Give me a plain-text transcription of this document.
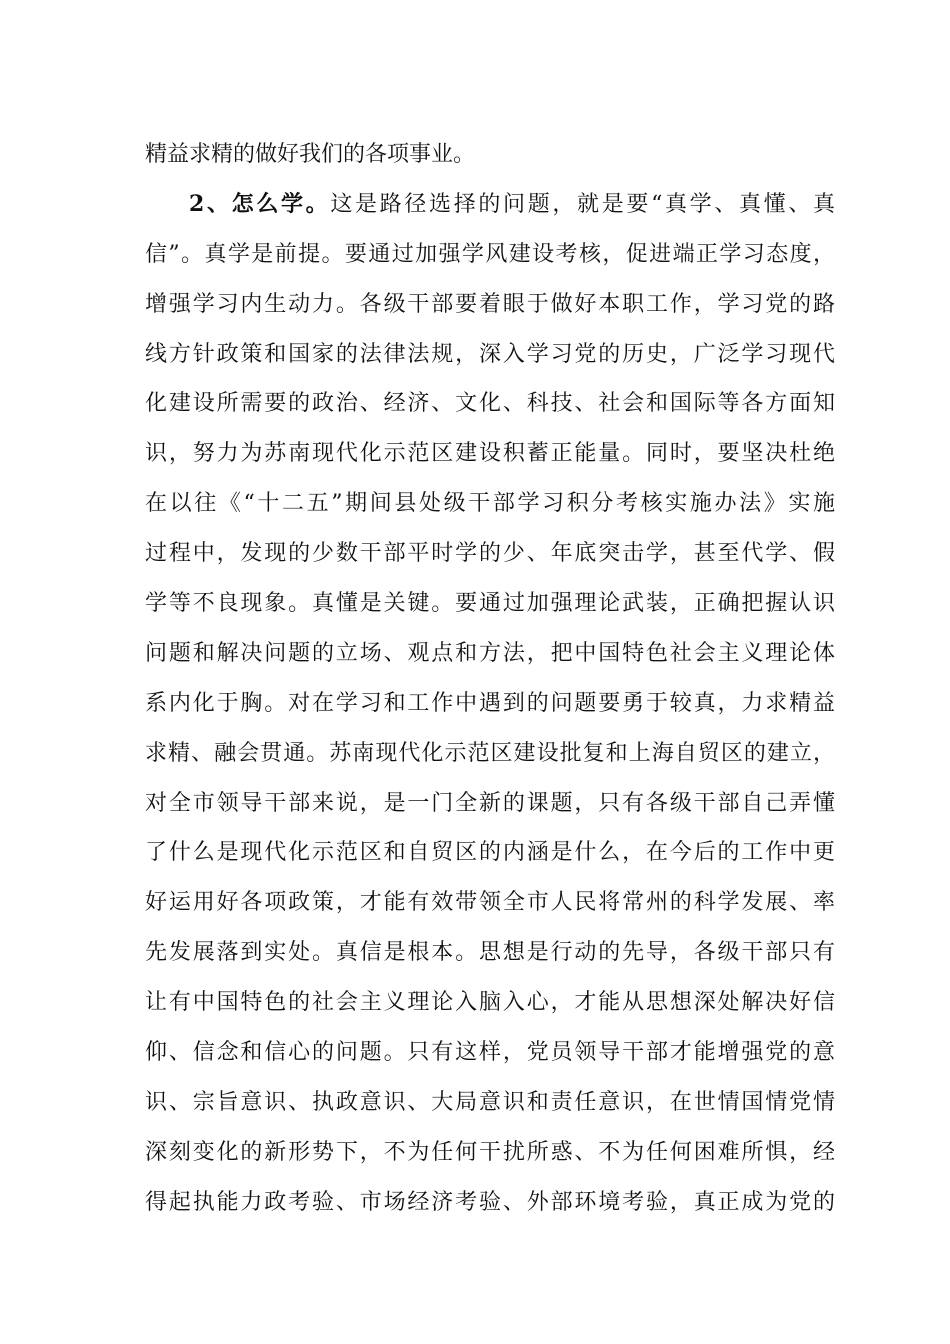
精益求精的做好我们的各项事业。
2、怎么学。这是路径选择的问题，就是要“真学、真懂、真
信”。真学是前提。要通过加强学风建设考核，促进端正学习态度，
增强学习内生动力。各级干部要着眼于做好本职工作，学习党的路
线方针政策和国家的法律法规，深入学习党的历史，广泛学习现代
化建设所需要的政治、经济、文化、科技、社会和国际等各方面知
识，努力为苏南现代化示范区建设积蓄正能量。同时，要坚决杜绝
在以往《“十二五”期间县处级干部学习积分考核实施办法》实施
过程中，发现的少数干部平时学的少、年底突击学，甚至代学、假
学等不良现象。真懂是关键。要通过加强理论武装，正确把握认识
问题和解决问题的立场、观点和方法，把中国特色社会主义理论体
系内化于胸。对在学习和工作中遇到的问题要勇于较真，力求精益
求精、融会贯通。苏南现代化示范区建设批复和上海自贸区的建立，
对全市领导干部来说，是一门全新的课题，只有各级干部自己弄懂
了什么是现代化示范区和自贸区的内涵是什么，在今后的工作中更
好运用好各项政策，才能有效带领全市人民将常州的科学发展、率
先发展落到实处。真信是根本。思想是行动的先导，各级干部只有
让有中国特色的社会主义理论入脑入心，才能从思想深处解决好信
仰、信念和信心的问题。只有这样，党员领导干部才能增强党的意
识、宗旨意识、执政意识、大局意识和责任意识，在世情国情党情
深刻变化的新形势下，不为任何干扰所惑、不为任何困难所惧，经
得起执能力政考验、市场经济考验、外部环境考验，真正成为党的
